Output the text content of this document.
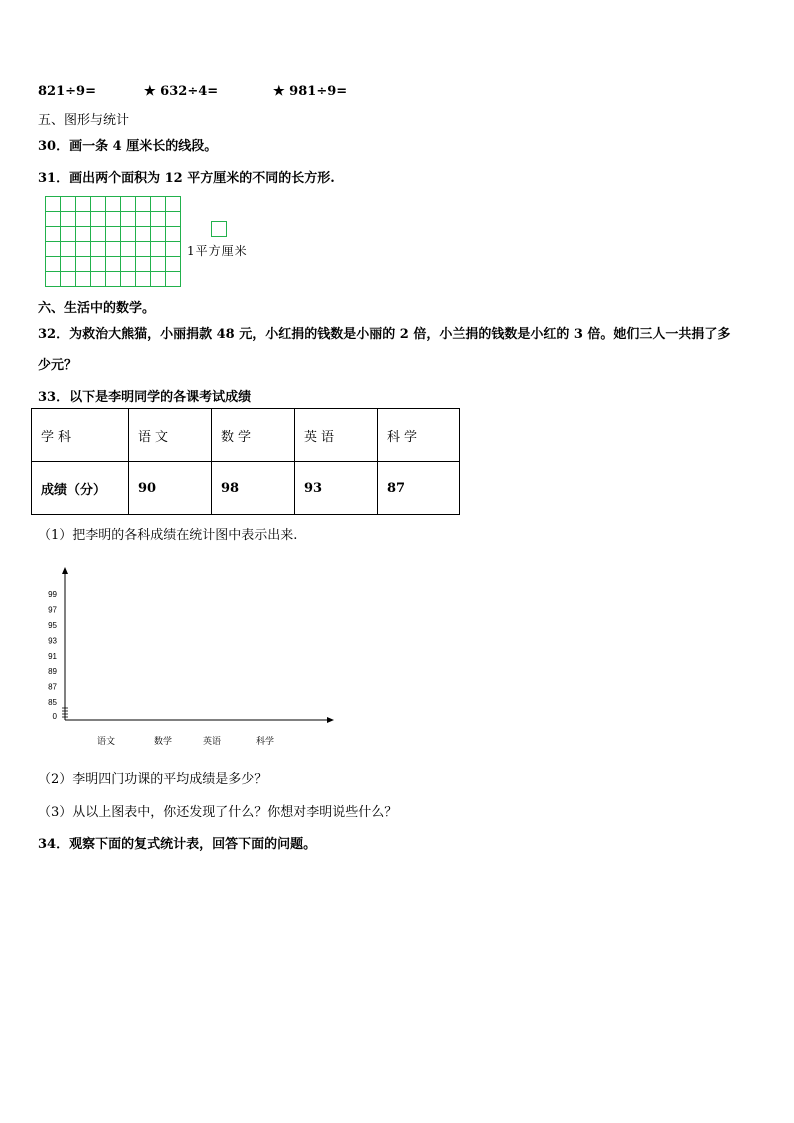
821÷9=	★ 632÷4=	★ 981÷9=
五、图形与统计
30．画一条 4 厘米长的线段。
31．画出两个面积为 12 平方厘米的不同的长方形.
1平方厘米
六、生活中的数学。
32．为救治大熊猫，小丽捐款 48 元，小红捐的钱数是小丽的 2 倍，小兰捐的钱数是小红的 3 倍。她们三人一共捐了多
少元？
33．以下是李明同学的各课考试成绩
学科	语文	数学	英语	科学
成绩（分）	90	98	93	87
（1）把李明的各科成绩在统计图中表示出来.
0
85
87
89
91
93
95
97
99
语文	数学	英语	科学
（2）李明四门功课的平均成绩是多少？
（3）从以上图表中，你还发现了什么？你想对李明说些什么？
34．观察下面的复式统计表，回答下面的问题。
